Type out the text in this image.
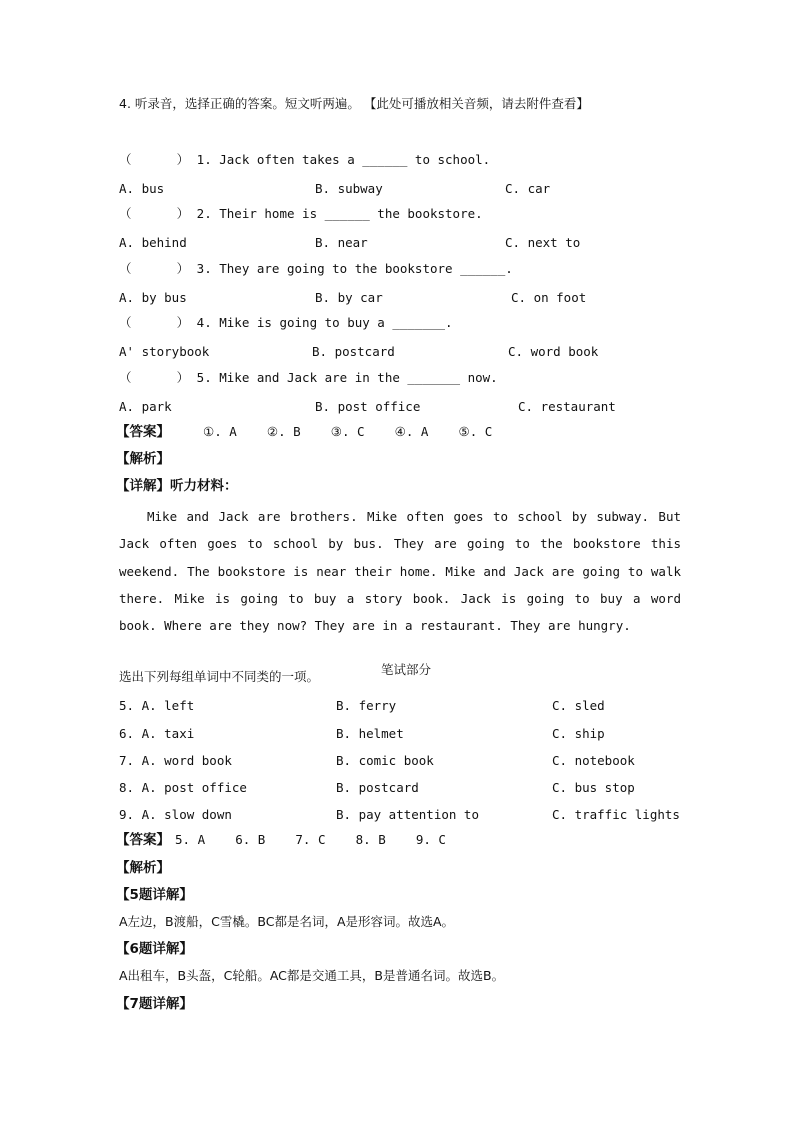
4. 听录音，选择正确的答案。短文听两遍。 【此处可播放相关音频，请去附件查看】

（      ） 1. Jack often takes a ______ to school.

A. bus

	B. subway

	C. car

（      ） 2. Their home is ______ the bookstore.

A. behind

	B. near

	C. next to

（      ） 3. They are going to the bookstore ______.

A. by bus

	B. by car

	C. on foot

（      ） 4. Mike is going to buy a _______.

A' storybook

	B. postcard

	C. word book

（      ） 5. Mike and Jack are in the _______ now.

A. park

	B. post office

	C. restaurant

【答案】

	①. A    ②. B    ③. C    ④. A    ⑤. C

【解析】

【详解】听力材料：

Mike and Jack are brothers. Mike often goes to school by subway. But Jack often goes to school by bus. They are going to the bookstore this weekend. The bookstore is near their home. Mike and Jack are going to walk there. Mike is going to buy a story book. Jack is going to buy a word book. Where are they now? They are in a restaurant. They are hungry.

笔试部分

选出下列每组单词中不同类的一项。

5. A. left

	B. ferry

	C. sled

6. A. taxi

	B. helmet

	C. ship

7. A. word book

	B. comic book

	C. notebook

8. A. post office

	B. postcard

	C. bus stop

9. A. slow down

	B. pay attention to

	C. traffic lights

【答案】

5. A    6. B    7. C    8. B    9. C

【解析】

【5题详解】

A左边，B渡船，C雪橇。BC都是名词，A是形容词。故选A。

【6题详解】

A出租车，B头盔，C轮船。AC都是交通工具，B是普通名词。故选B。

【7题详解】
